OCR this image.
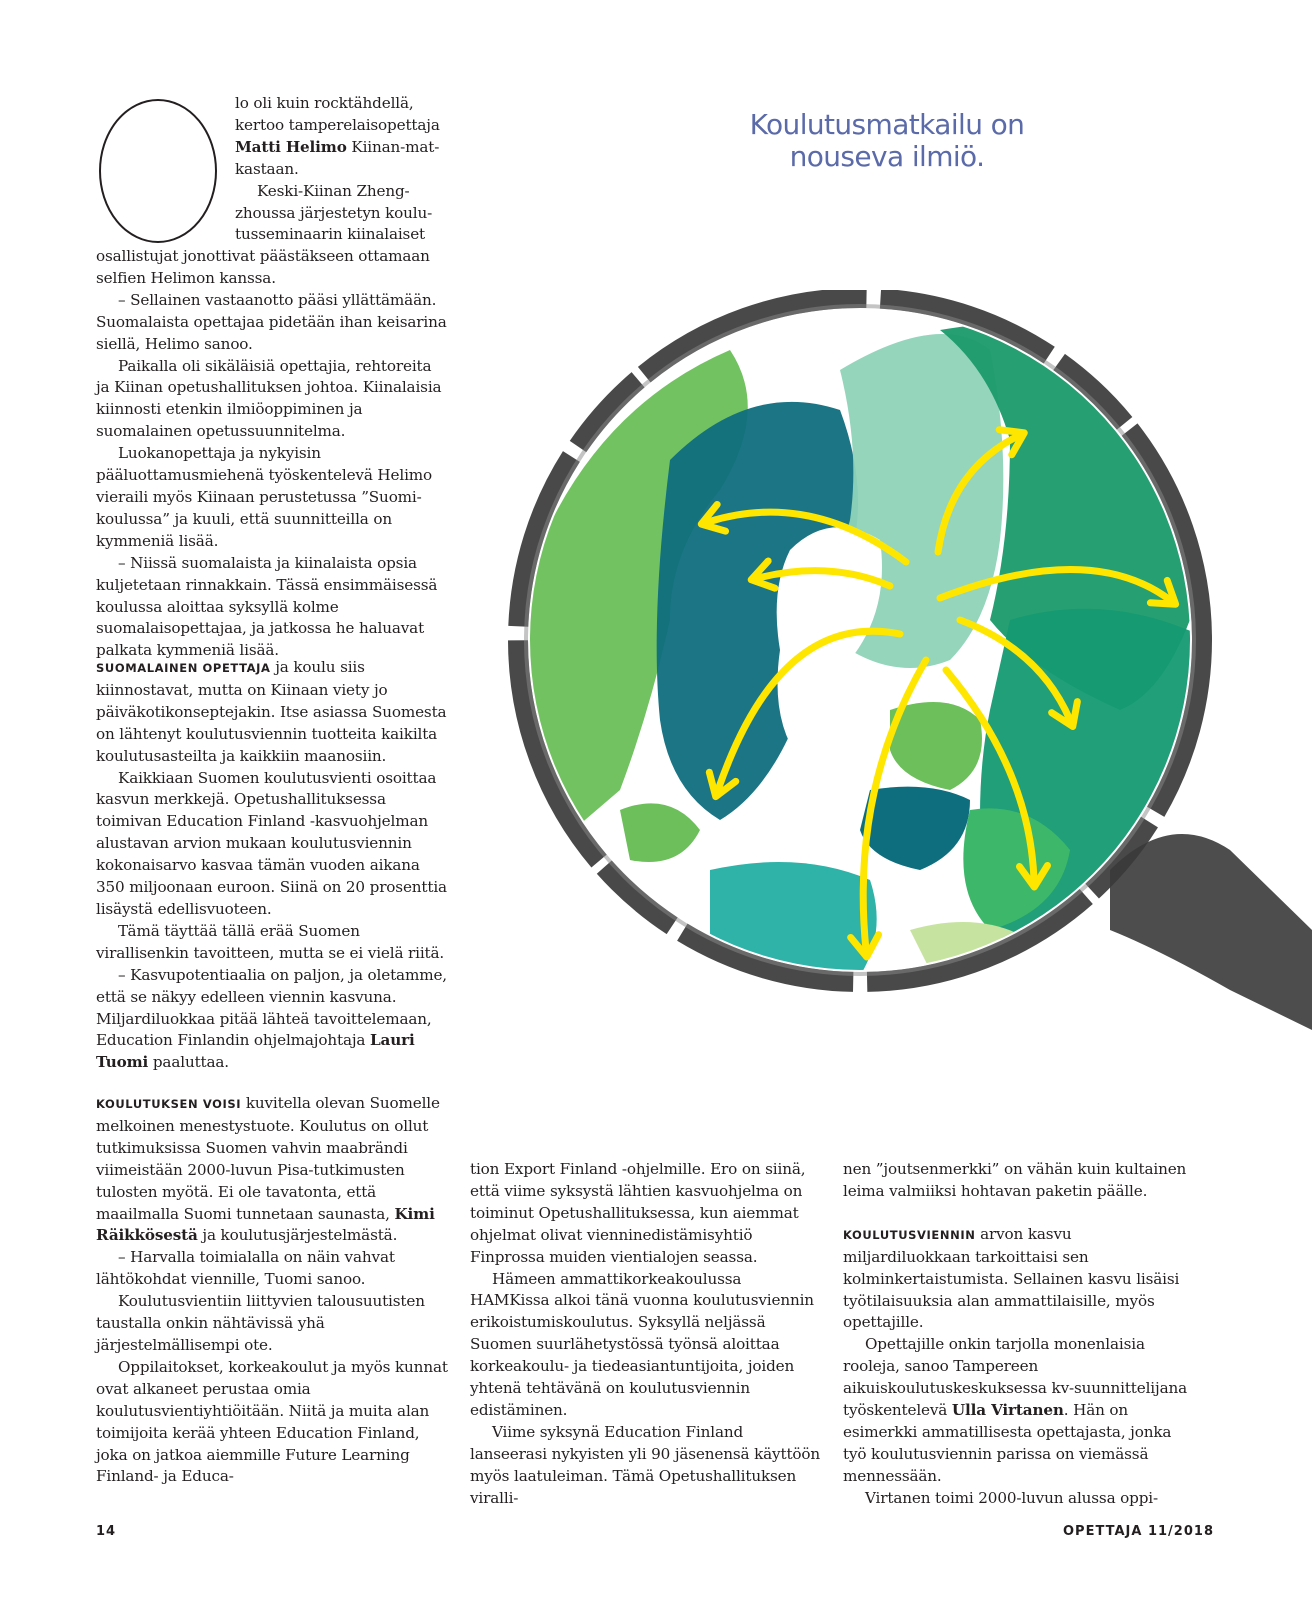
lo oli kuin rocktähdellä,

kertoo tamperelaisopettaja

Matti Helimo Kiinan-mat-

kastaan.

Keski-Kiinan Zheng-

zhoussa järjestetyn koulu-

tusseminaarin kiinalaiset

osallistujat jonottivat päästäkseen ottamaan selfien Helimon kanssa.

– Sellainen vastaanotto pääsi yllättämään. Suomalaista opettajaa pidetään ihan keisarina siellä, Helimo sanoo.

Paikalla oli sikäläisiä opettajia, rehtoreita ja Kiinan opetushallituksen johtoa. Kiinalaisia kiinnosti etenkin ilmiöoppiminen ja suomalainen opetussuunnitelma.

Luokanopettaja ja nykyisin pääluottamusmiehenä työskentelevä Helimo vieraili myös Kiinaan perustetussa ”Suomi-koulussa” ja kuuli, että suunnitteilla on kymmeniä lisää.

– Niissä suomalaista ja kiinalaista opsia kuljetetaan rinnakkain. Tässä ensimmäisessä koulussa aloittaa syksyllä kolme suomalaisopettajaa, ja jatkossa he haluavat palkata kymmeniä lisää.

SUOMALAINEN OPETTAJA ja koulu siis kiinnostavat, mutta on Kiinaan viety jo päiväkotikonseptejakin. Itse asiassa Suomesta on lähtenyt koulutusviennin tuotteita kaikilta koulutusasteilta ja kaikkiin maanosiin.

Kaikkiaan Suomen koulutusvienti osoittaa kasvun merkkejä. Opetushallituksessa toimivan Education Finland -kasvuohjelman alustavan arvion mukaan koulutusviennin kokonaisarvo kasvaa tämän vuoden aikana 350 miljoonaan euroon. Siinä on 20 prosenttia lisäystä edellisvuoteen.

Tämä täyttää tällä erää Suomen virallisenkin tavoitteen, mutta se ei vielä riitä.

– Kasvupotentiaalia on paljon, ja oletamme, että se näkyy edelleen viennin kasvuna. Miljardiluokkaa pitää lähteä tavoittelemaan, Education Finlandin ohjelmajohtaja Lauri Tuomi paaluttaa.

KOULUTUKSEN VOISI kuvitella olevan Suomelle melkoinen menestystuote. Koulutus on ollut tutkimuksissa Suomen vahvin maabrändi viimeistään 2000-luvun Pisa-tutkimusten tulosten myötä. Ei ole tavatonta, että maailmalla Suomi tunnetaan saunasta, Kimi Räikkösestä ja koulutusjärjestelmästä.

– Harvalla toimialalla on näin vahvat lähtökohdat viennille, Tuomi sanoo.

Koulutusvientiin liittyvien talousuutisten taustalla onkin nähtävissä yhä järjestelmällisempi ote.

Oppilaitokset, korkeakoulut ja myös kunnat ovat alkaneet perustaa omia koulutusvientiyhtiöitään. Niitä ja muita alan toimijoita kerää yhteen Education Finland, joka on jatkoa aiemmille Future Learning Finland- ja Educa-

tion Export Finland -ohjelmille. Ero on siinä, että viime syksystä lähtien kasvuohjelma on toiminut Opetushallituksessa, kun aiemmat ohjelmat olivat vienninedistämisyhtiö Finprossa muiden vientialojen seassa.

Hämeen ammattikorkeakoulussa HAMKissa alkoi tänä vuonna koulutusviennin erikoistumiskoulutus. Syksyllä neljässä Suomen suurlähetystössä työnsä aloittaa korkeakoulu- ja tiedeasiantuntijoita, joiden yhtenä tehtävänä on koulutusviennin edistäminen.

Viime syksynä Education Finland lanseerasi nykyisten yli 90 jäsenensä käyttöön myös laatuleiman. Tämä Opetushallituksen viralli-

nen ”joutsenmerkki” on vähän kuin kultainen leima valmiiksi hohtavan paketin päälle.

KOULUTUSVIENNIN arvon kasvu miljardiluokkaan tarkoittaisi sen kolminkertaistumista. Sellainen kasvu lisäisi työtilaisuuksia alan ammattilaisille, myös opettajille.

Opettajille onkin tarjolla monenlaisia rooleja, sanoo Tampereen aikuiskoulutuskeskuksessa kv-suunnittelijana työskentelevä Ulla Virtanen. Hän on esimerkki ammatillisesta opettajasta, jonka työ koulutusviennin parissa on viemässä mennessään.

Virtanen toimi 2000-luvun alussa oppi-

Koulutusmatkailu on
nouseva ilmiö.
14	OPETTAJA 11/2018
